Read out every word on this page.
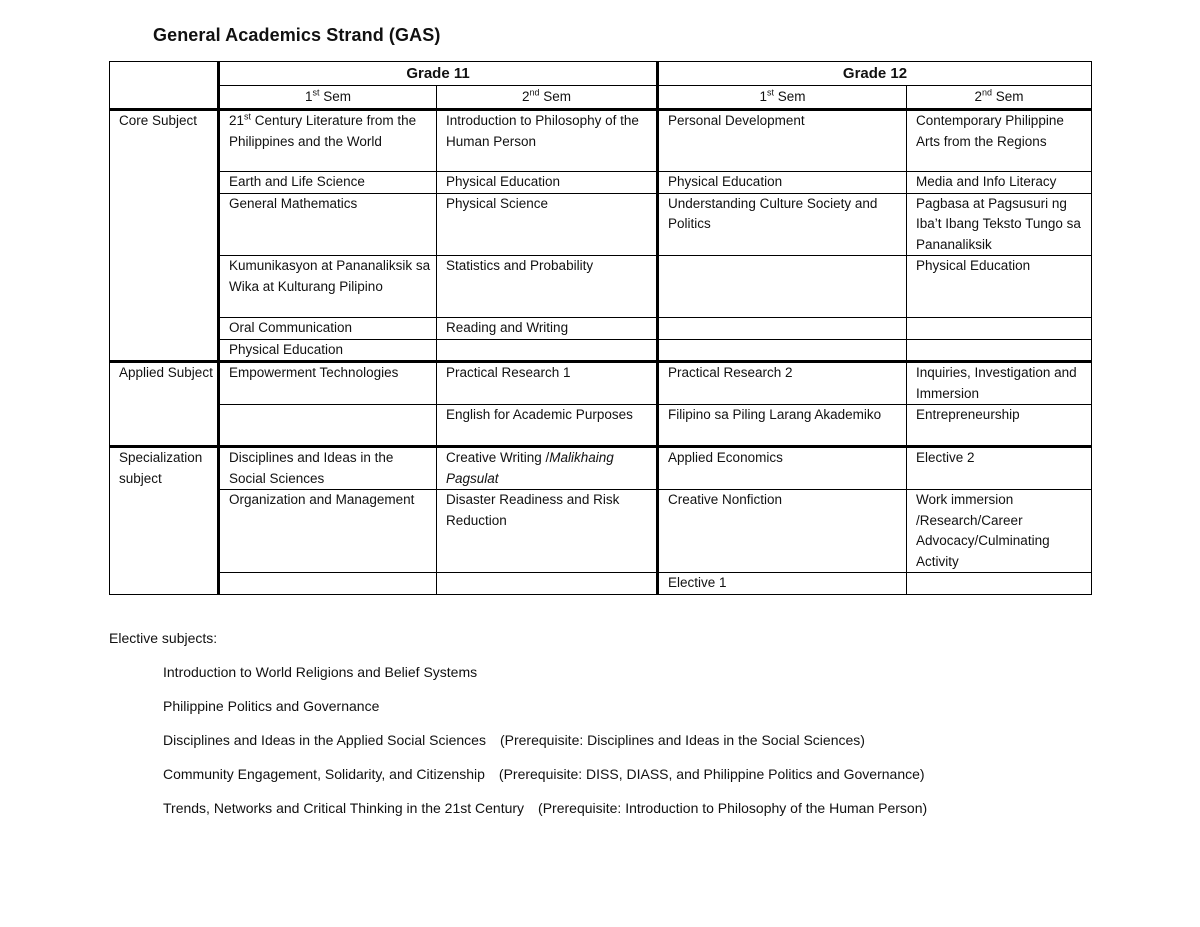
General Academics Strand (GAS)
	Grade 11		Grade 12	
	1st Sem	2nd Sem	1st Sem	2nd Sem
Core Subject	21st Century Literature from the Philippines and the World	Introduction to Philosophy of the Human Person	Personal Development	Contemporary Philippine Arts from the Regions
	Earth and Life Science	Physical Education	Physical Education	Media and Info Literacy
	General Mathematics	Physical Science	Understanding Culture Society and Politics	Pagbasa at Pagsusuri ng Iba’t Ibang Teksto Tungo sa Pananaliksik
	Kumunikasyon at Pananaliksik sa Wika at Kulturang Pilipino	Statistics and Probability		Physical Education
	Oral Communication	Reading and Writing		
	Physical Education			
Applied Subject	Empowerment Technologies	Practical Research 1	Practical Research 2	Inquiries, Investigation and Immersion
		English for Academic Purposes	Filipino sa Piling Larang Akademiko	Entrepreneurship
Specialization subject	Disciplines and Ideas in the Social Sciences	Creative Writing /Malikhaing Pagsulat	Applied Economics	Elective 2
	Organization and Management	Disaster Readiness and Risk Reduction	Creative Nonfiction	Work immersion /Research/Career Advocacy/Culminating Activity
			Elective 1	
Elective subjects:
Introduction to World Religions and Belief Systems
Philippine Politics and Governance
Disciplines and Ideas in the Applied Social Sciences (Prerequisite: Disciplines and Ideas in the Social Sciences)
Community Engagement, Solidarity, and Citizenship (Prerequisite: DISS, DIASS, and Philippine Politics and Governance)
Trends, Networks and Critical Thinking in the 21st Century (Prerequisite: Introduction to Philosophy of the Human Person)
